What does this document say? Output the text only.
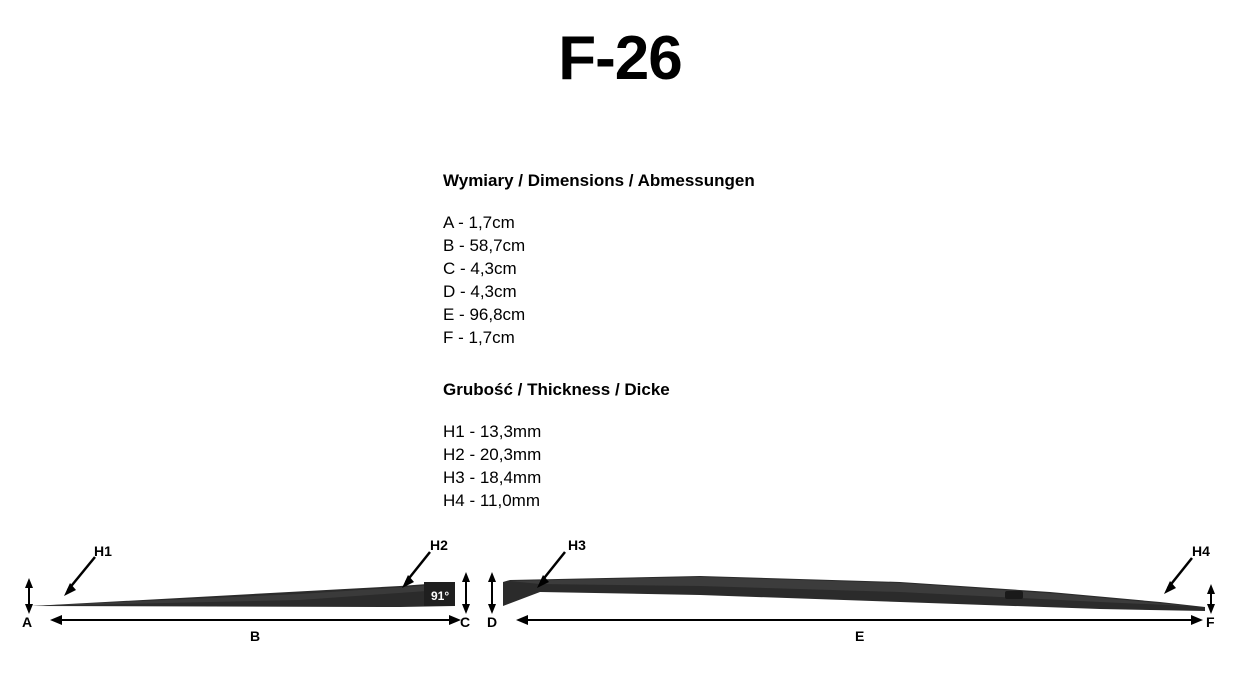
F-26
Wymiary / Dimensions / Abmessungen
A - 1,7cm
B - 58,7cm
C - 4,3cm
D - 4,3cm
E - 96,8cm
F - 1,7cm
Grubość / Thickness / Dicke
H1 - 13,3mm
H2 - 20,3mm
H3 - 18,4mm
H4 - 11,0mm
H1	H2	H3	H4
91°
A
B
C D
E
F
